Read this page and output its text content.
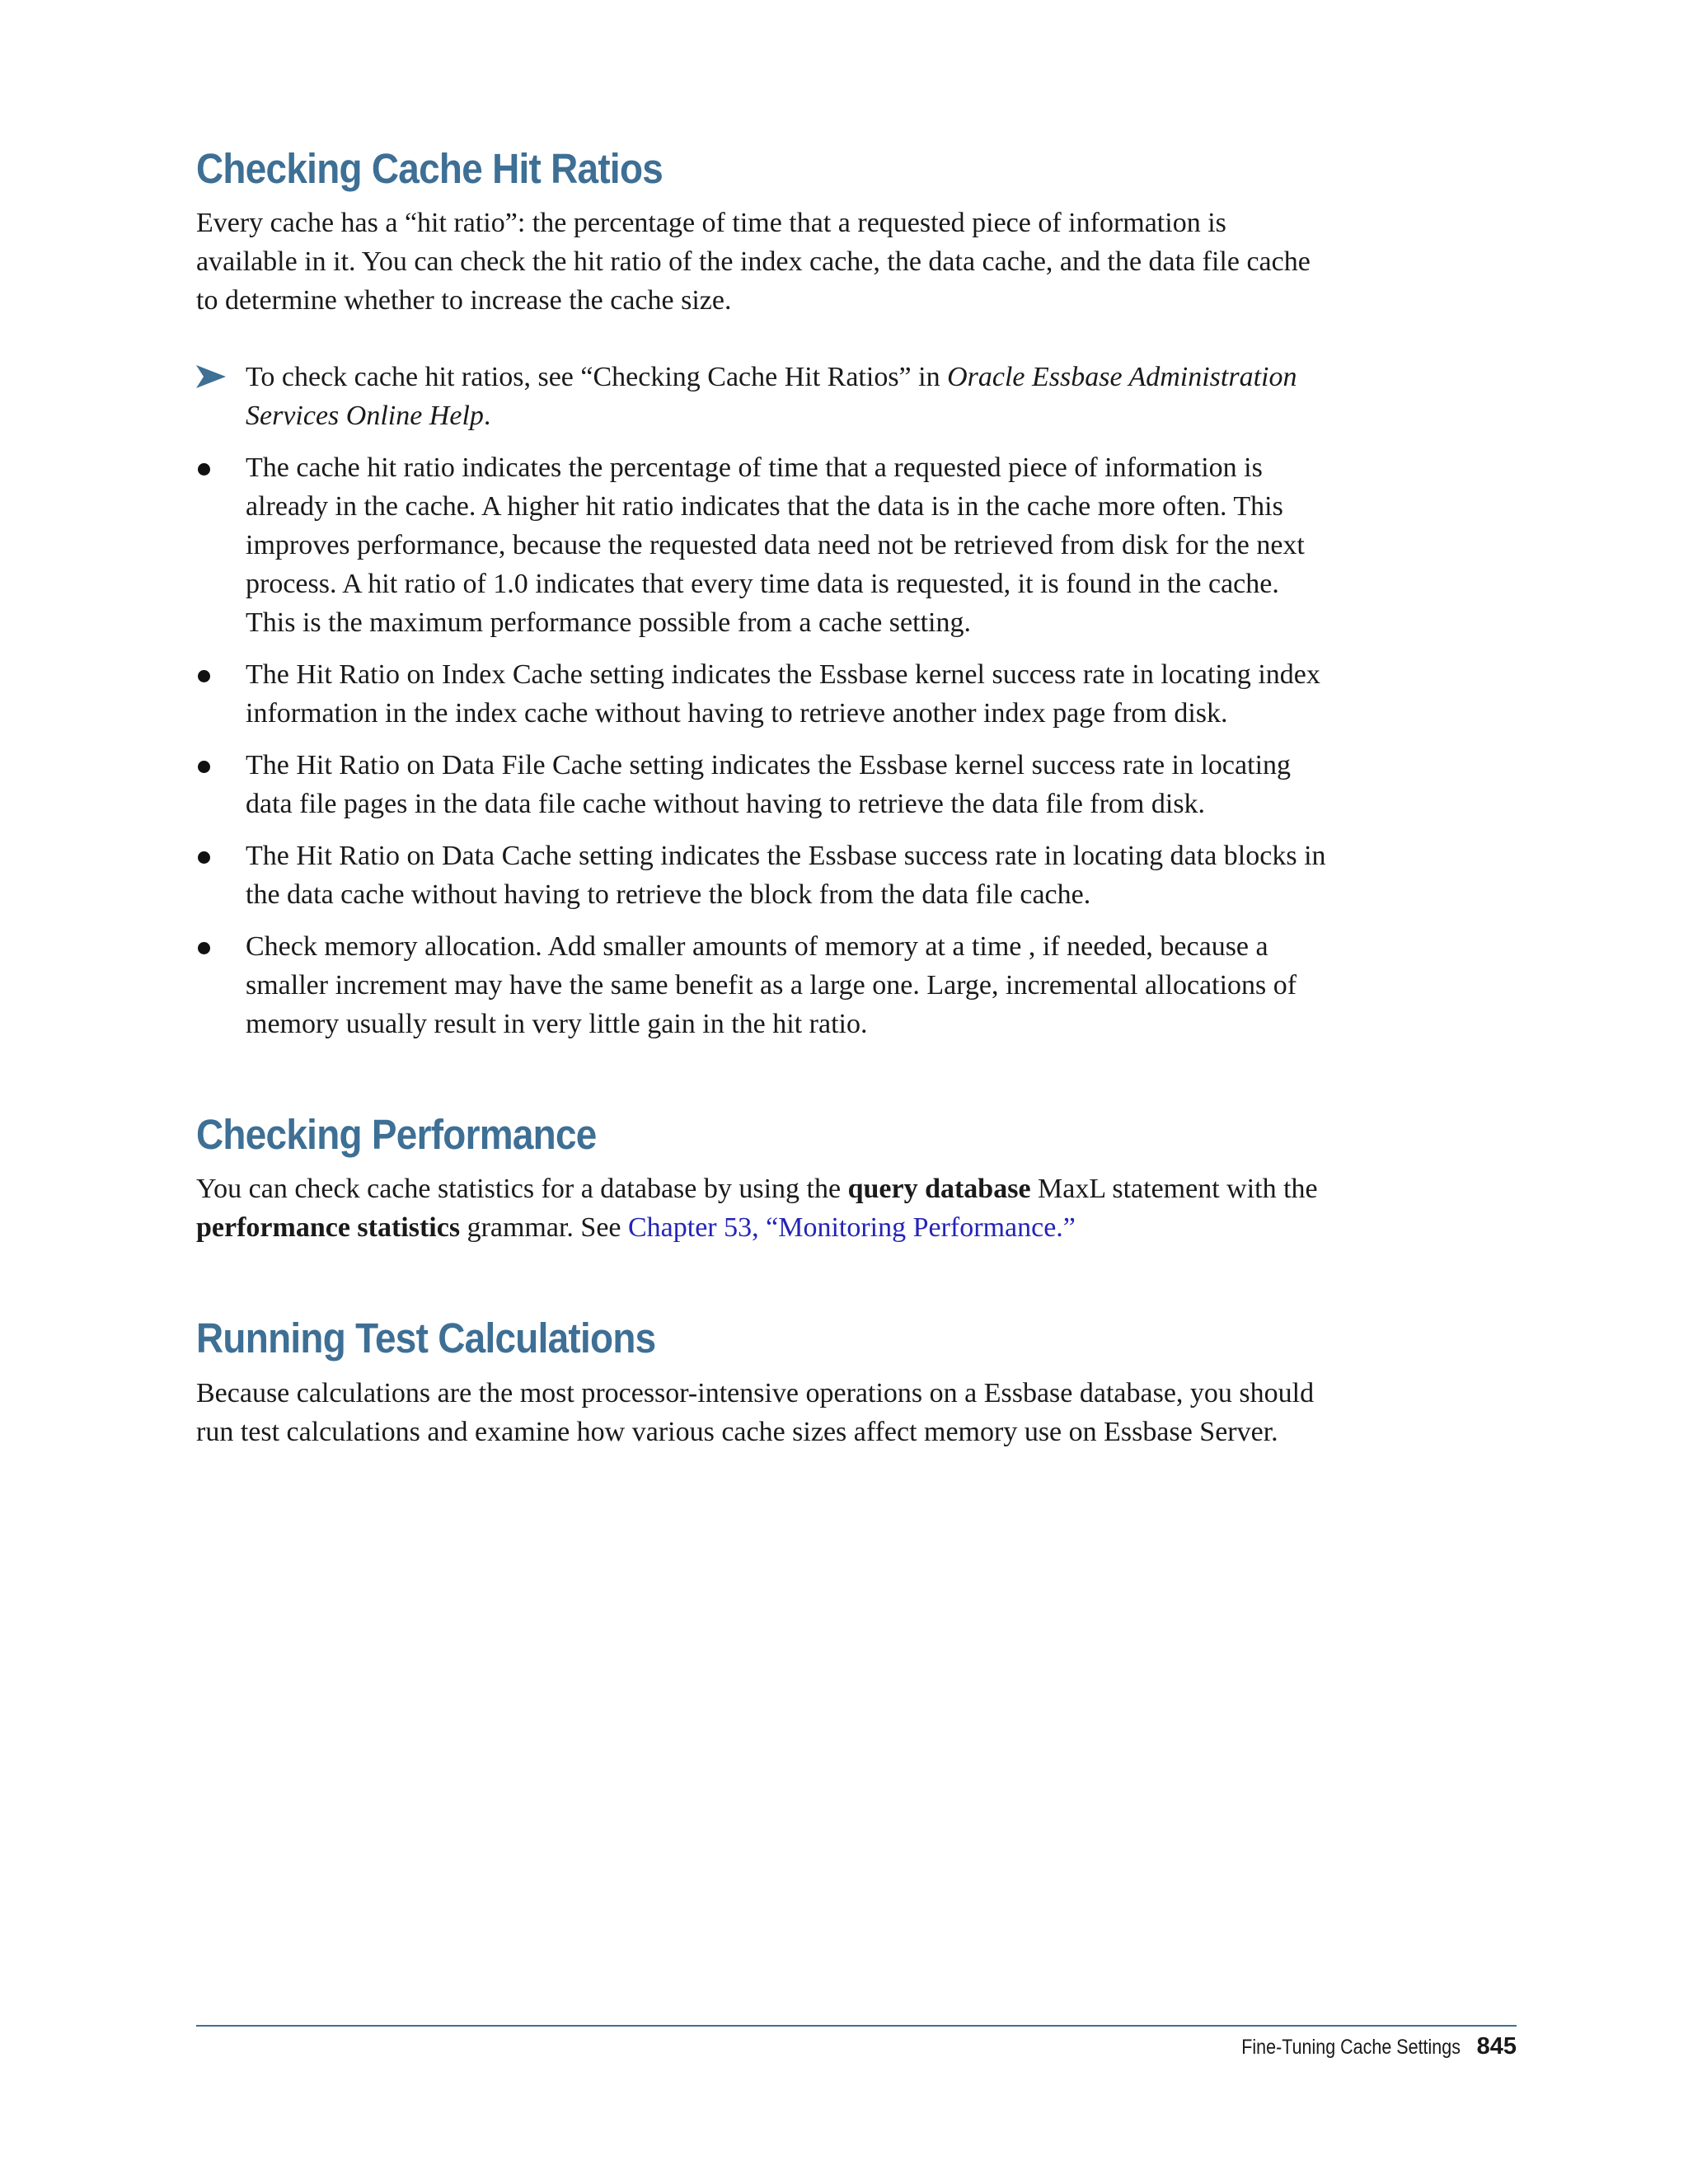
Checking Cache Hit Ratios

Every cache has a “hit ratio”: the percentage of time that a requested piece of information is available in it. You can check the hit ratio of the index cache, the data cache, and the data file cache to determine whether to increase the cache size.

To check cache hit ratios, see “Checking Cache Hit Ratios” in Oracle Essbase Administration Services Online Help.
The cache hit ratio indicates the percentage of time that a requested piece of information is already in the cache. A higher hit ratio indicates that the data is in the cache more often. This improves performance, because the requested data need not be retrieved from disk for the next process. A hit ratio of 1.0 indicates that every time data is requested, it is found in the cache. This is the maximum performance possible from a cache setting.
The Hit Ratio on Index Cache setting indicates the Essbase kernel success rate in locating index information in the index cache without having to retrieve another index page from disk.
The Hit Ratio on Data File Cache setting indicates the Essbase kernel success rate in locating data file pages in the data file cache without having to retrieve the data file from disk.
The Hit Ratio on Data Cache setting indicates the Essbase success rate in locating data blocks in the data cache without having to retrieve the block from the data file cache.
Check memory allocation. Add smaller amounts of memory at a time , if needed, because a smaller increment may have the same benefit as a large one. Large, incremental allocations of memory usually result in very little gain in the hit ratio.
Checking Performance

You can check cache statistics for a database by using the query database MaxL statement with the performance statistics grammar. See Chapter 53, “Monitoring Performance.”

Running Test Calculations

Because calculations are the most processor-intensive operations on a Essbase database, you should run test calculations and examine how various cache sizes affect memory use on Essbase Server.

Fine-Tuning Cache Settings 845
